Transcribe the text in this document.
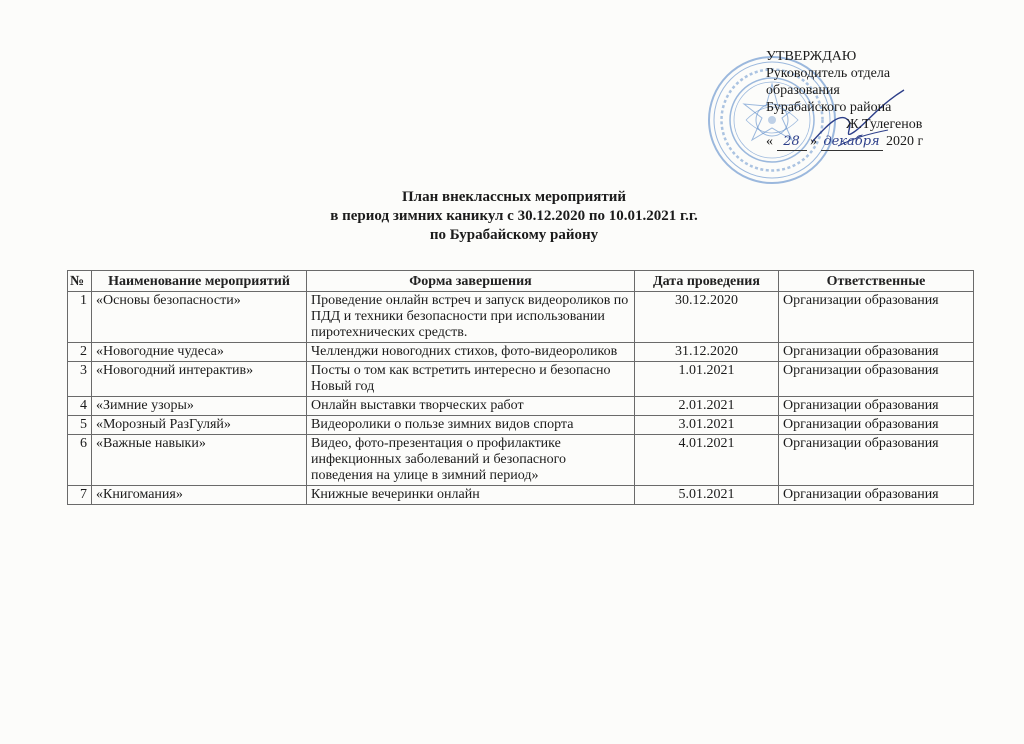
УТВЕРЖДАЮ
Руководитель отдела
образования
Бурабайского района
Ж.Тулегенов
« 28 » декабря 2020 г
План внеклассных мероприятий
в период зимних каникул с 30.12.2020 по 10.01.2021 г.г.
по Бурабайскому району
№	Наименование мероприятий	Форма завершения	Дата проведения	Ответственные
1	«Основы безопасности»	Проведение онлайн встреч и запуск видеороликов по ПДД и техники безопасности при использовании пиротехнических средств.	30.12.2020	Организации образования
2	«Новогодние чудеса»	Челленджи новогодних стихов, фото-видеороликов	31.12.2020	Организации образования
3	«Новогодний интерактив»	Посты о том как встретить интересно и безопасно Новый год	1.01.2021	Организации образования
4	«Зимние узоры»	Онлайн выставки творческих работ	2.01.2021	Организации образования
5	«Морозный РазГуляй»	Видеоролики о пользе зимних видов спорта	3.01.2021	Организации образования
6	«Важные навыки»	Видео, фото-презентация о профилактике инфекционных заболеваний и безопасного поведения на улице в зимний период»	4.01.2021	Организации образования
7	«Книгомания»	Книжные вечеринки онлайн	5.01.2021	Организации образования
